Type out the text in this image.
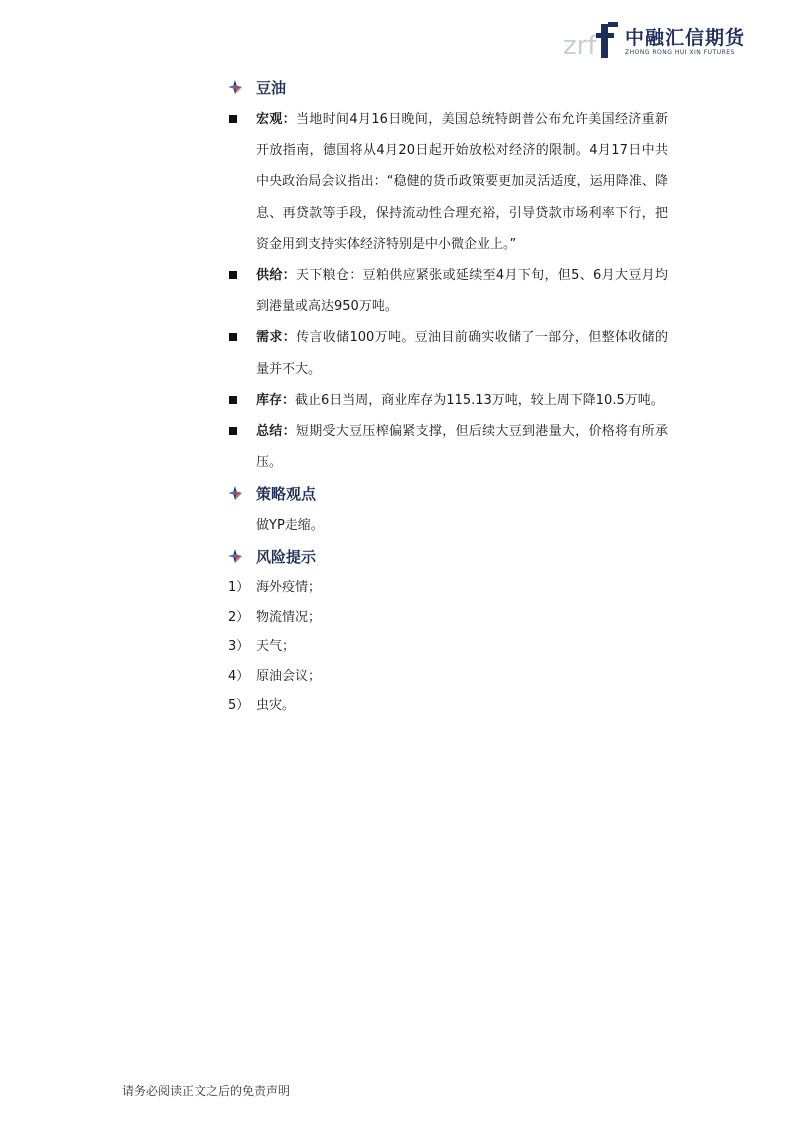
zrf 中融汇信期货
ZHONG RONG HUI XIN FUTURES
豆油
宏观：当地时间4月16日晚间，美国总统特朗普公布允许美国经济重新开放指南，德国将从4月20日起开始放松对经济的限制。4月17日中共中央政治局会议指出：“稳健的货币政策要更加灵活适度，运用降准、降息、再贷款等手段，保持流动性合理充裕，引导贷款市场利率下行，把资金用到支持实体经济特别是中小微企业上。”
供给：天下粮仓：豆粕供应紧张或延续至4月下旬，但5、6月大豆月均到港量或高达950万吨。
需求：传言收储100万吨。豆油目前确实收储了一部分，但整体收储的量并不大。
库存：截止6日当周，商业库存为115.13万吨，较上周下降10.5万吨。
总结：短期受大豆压榨偏紧支撑，但后续大豆到港量大，价格将有所承压。
策略观点
做YP走缩。
风险提示
1） 海外疫情；
2） 物流情况；
3） 天气；
4） 原油会议；
5） 虫灾。
请务必阅读正文之后的免责声明
